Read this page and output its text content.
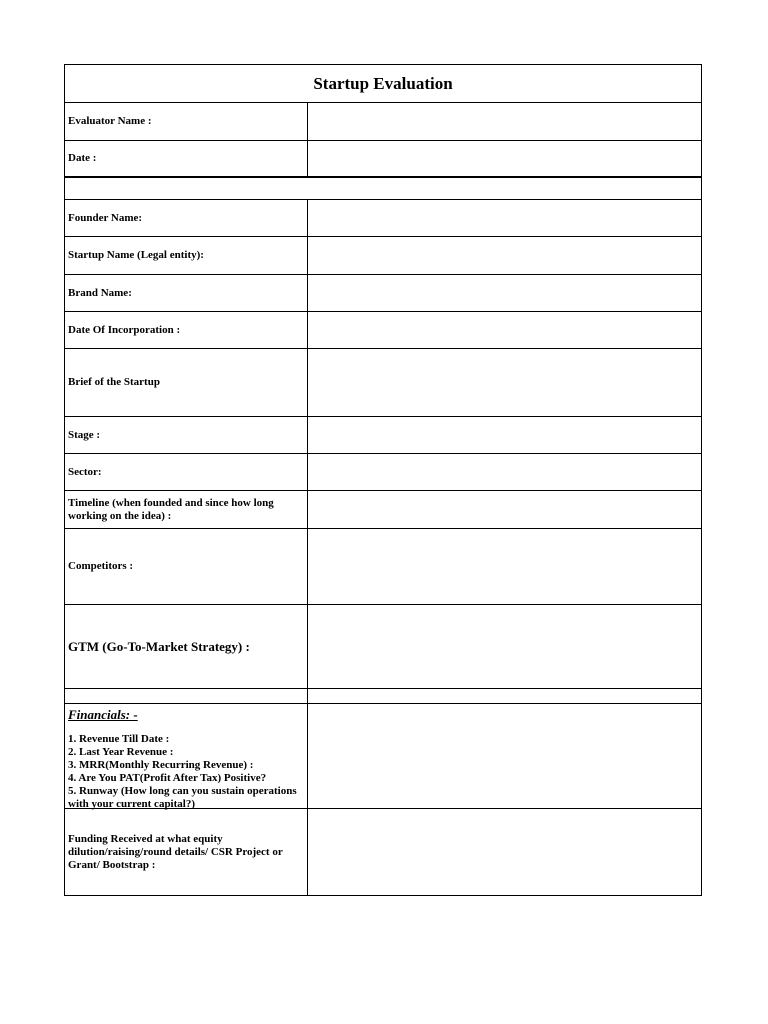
Startup Evaluation
Evaluator Name :
Date :
Founder Name:
Startup Name (Legal entity):
Brand Name:
Date Of Incorporation :
Brief of the Startup
Stage :
Sector:
Timeline (when founded and since how long working on the idea) :
Competitors :
GTM (Go-To-Market Strategy) :
Financials: -
1. Revenue Till Date :
2. Last Year Revenue :
3. MRR(Monthly Recurring Revenue) :
4. Are You PAT(Profit After Tax) Positive?
5. Runway (How long can you sustain operations with your current capital?)
Funding Received at what equity dilution/raising/round details/ CSR Project or Grant/ Bootstrap :
